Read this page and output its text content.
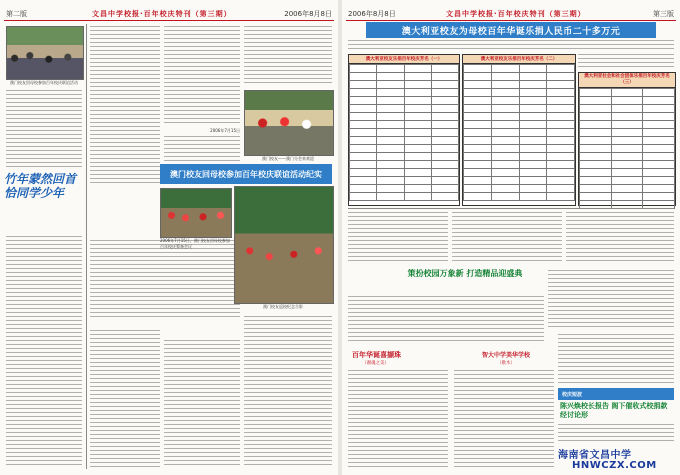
第二版	文昌中学校报·百年校庆特刊（第三期）	2006年8月8日
澳门校友回母校参加百年校庆联谊活动
竹年蒙然回首 恰同学少年
2006年7月15日
澳门校友——澳门分会来欢迎
澳门校友回母校参加百年校庆联谊活动纪实
2006年7月15日，澳门校友回母校参加百年校庆筹备会议
澳门校友返校纪念合影
2006年8月8日	文昌中学校报·百年校庆特刊（第三期）	第三版
澳大利亚校友为母校百年华诞乐捐人民币二十多万元
澳大利亚校友乐捐百年校庆芳名（一）

				澳大利亚校友乐捐百年校庆芳名（二）

澳大利亚社会和社会团体乐捐百年校庆芳名（三）

策扮校园万象新 打造精品迎盛典
百年华诞喜撷珠
（谢魂之美）
智大中学美华学校
（歌木）
校庆短波
陈兴焕校长报告 阁下催收式校捐款经讨论形
海南省文昌中学
HNWCZX.COM
